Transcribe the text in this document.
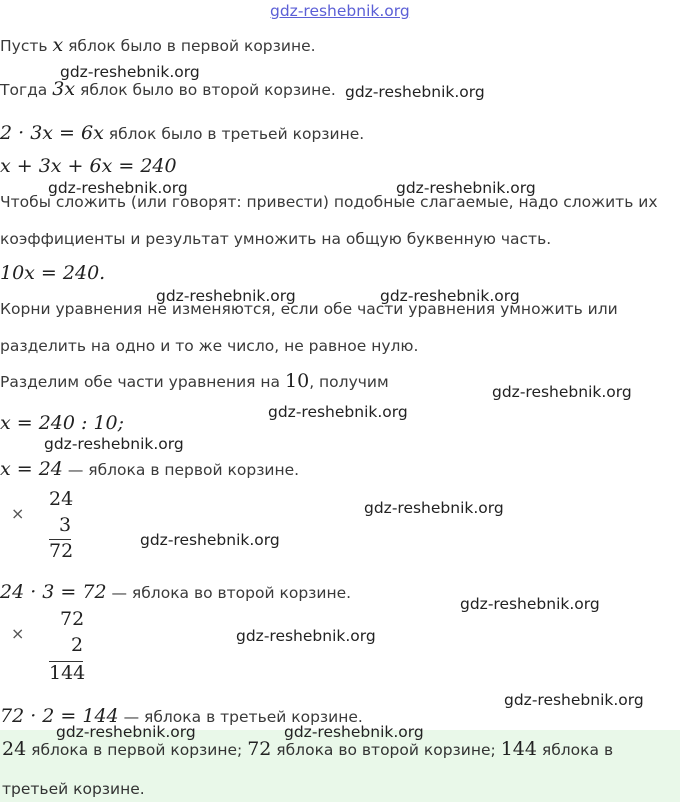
gdz-reshebnik.org
Пусть x яблок было в первой корзине.
Тогда 3x яблок было во второй корзине.
2 · 3x = 6x яблок было в третьей корзине.
x + 3x + 6x = 240
Чтобы сложить (или говорят: привести) подобные слагаемые, надо сложить их
коэффициенты и результат умножить на общую буквенную часть.
10x = 240.
Корни уравнения не изменяются, если обе части уравнения умножить или
разделить на одно и то же число, не равное нулю.
Разделим обе части уравнения на 10, получим
x = 240 : 10;
x = 24 — яблока в первой корзине.
×
24
3
72
24 · 3 = 72 — яблока во второй корзине.
×
72
2
144
72 · 2 = 144 — яблока в третьей корзине.
24 яблока в первой корзине; 72 яблока во второй корзине; 144 яблока в
третьей корзине.
gdz-reshebnik.org
gdz-reshebnik.org
gdz-reshebnik.org	gdz-reshebnik.org
gdz-reshebnik.org	gdz-reshebnik.org
gdz-reshebnik.org
gdz-reshebnik.org
gdz-reshebnik.org
gdz-reshebnik.org
gdz-reshebnik.org
gdz-reshebnik.org
gdz-reshebnik.org
gdz-reshebnik.org
gdz-reshebnik.org	gdz-reshebnik.org
